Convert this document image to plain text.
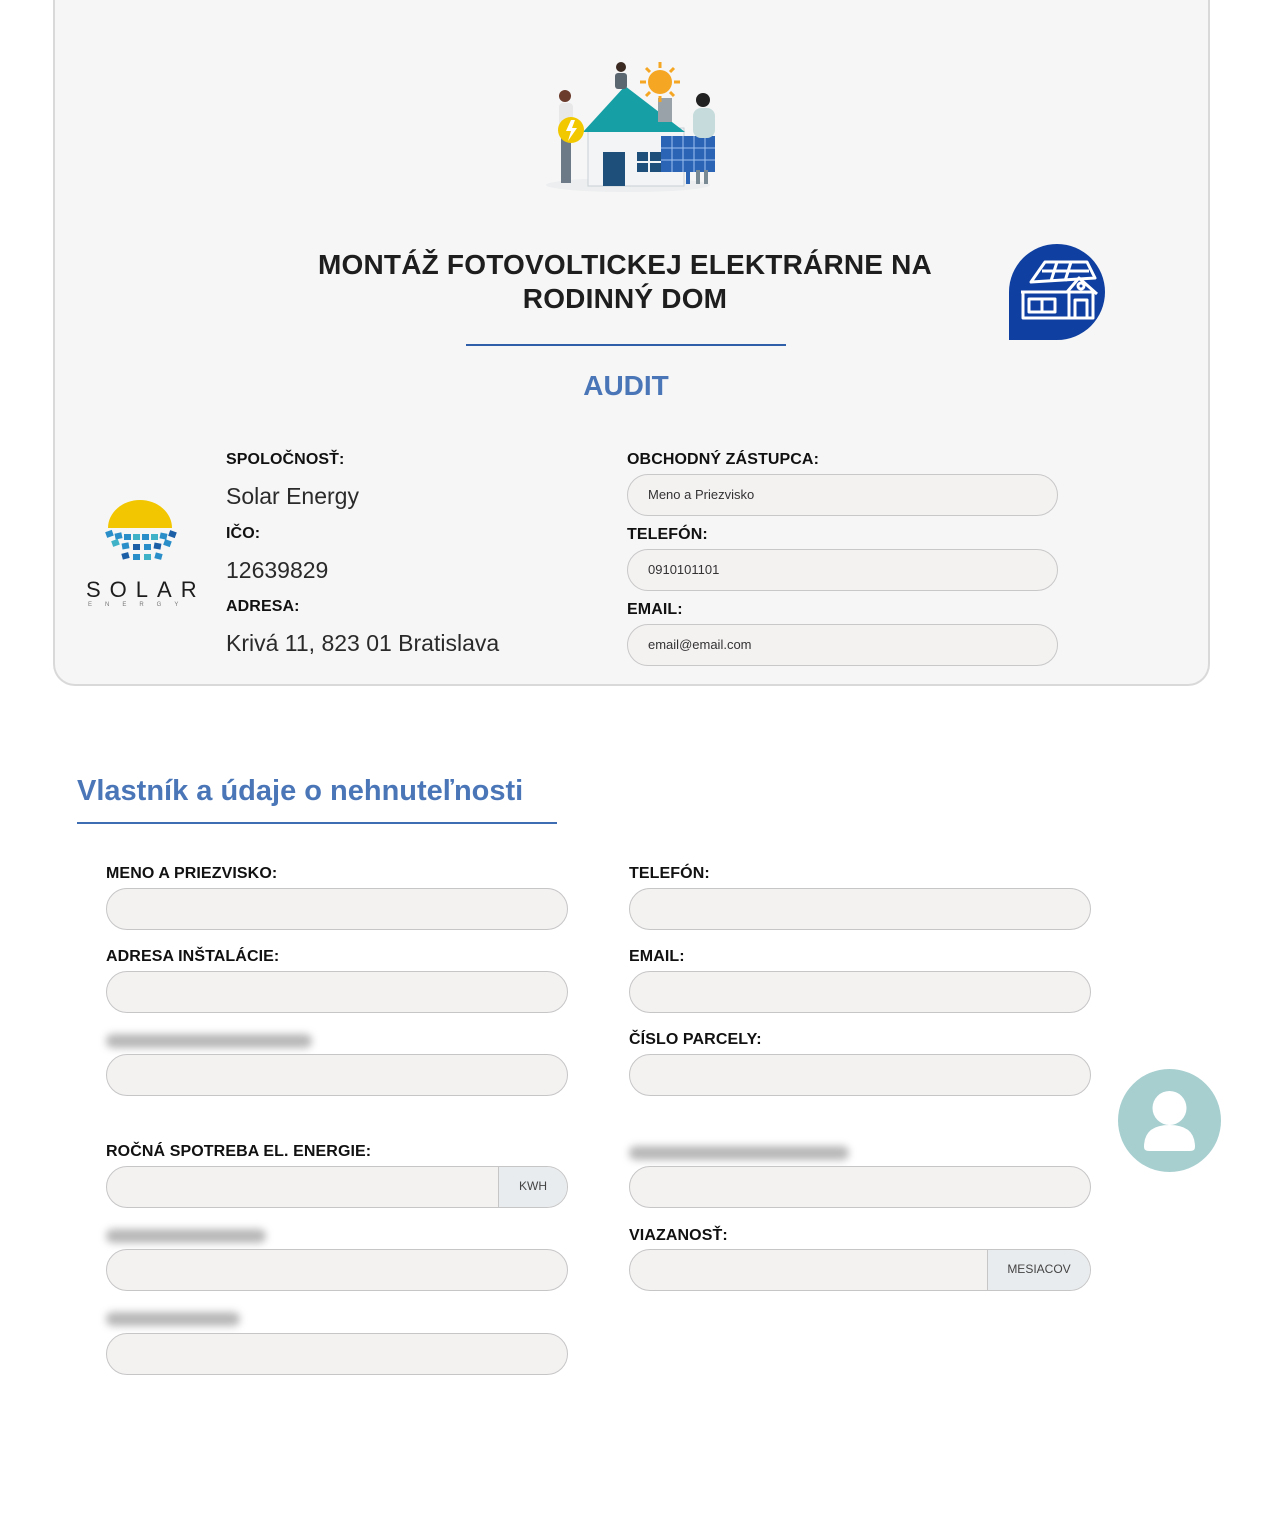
MONTÁŽ FOTOVOLTICKEJ ELEKTRÁRNE NA
RODINNÝ DOM
AUDIT
SOLAR
ENERGY
SPOLOČNOSŤ:
Solar Energy
IČO:
12639829
ADRESA:
Krivá 11, 823 01 Bratislava
OBCHODNÝ ZÁSTUPCA:
Meno a Priezvisko
TELEFÓN:
0910101101
EMAIL:
email@email.com
Vlastník a údaje o nehnuteľnosti
MENO A PRIEZVISKO:
ADRESA INŠTALÁCIE:
ROČNÁ SPOTREBA EL. ENERGIE:
KWH
TELEFÓN:
EMAIL:
ČÍSLO PARCELY:
VIAZANOSŤ:
MESIACOV
